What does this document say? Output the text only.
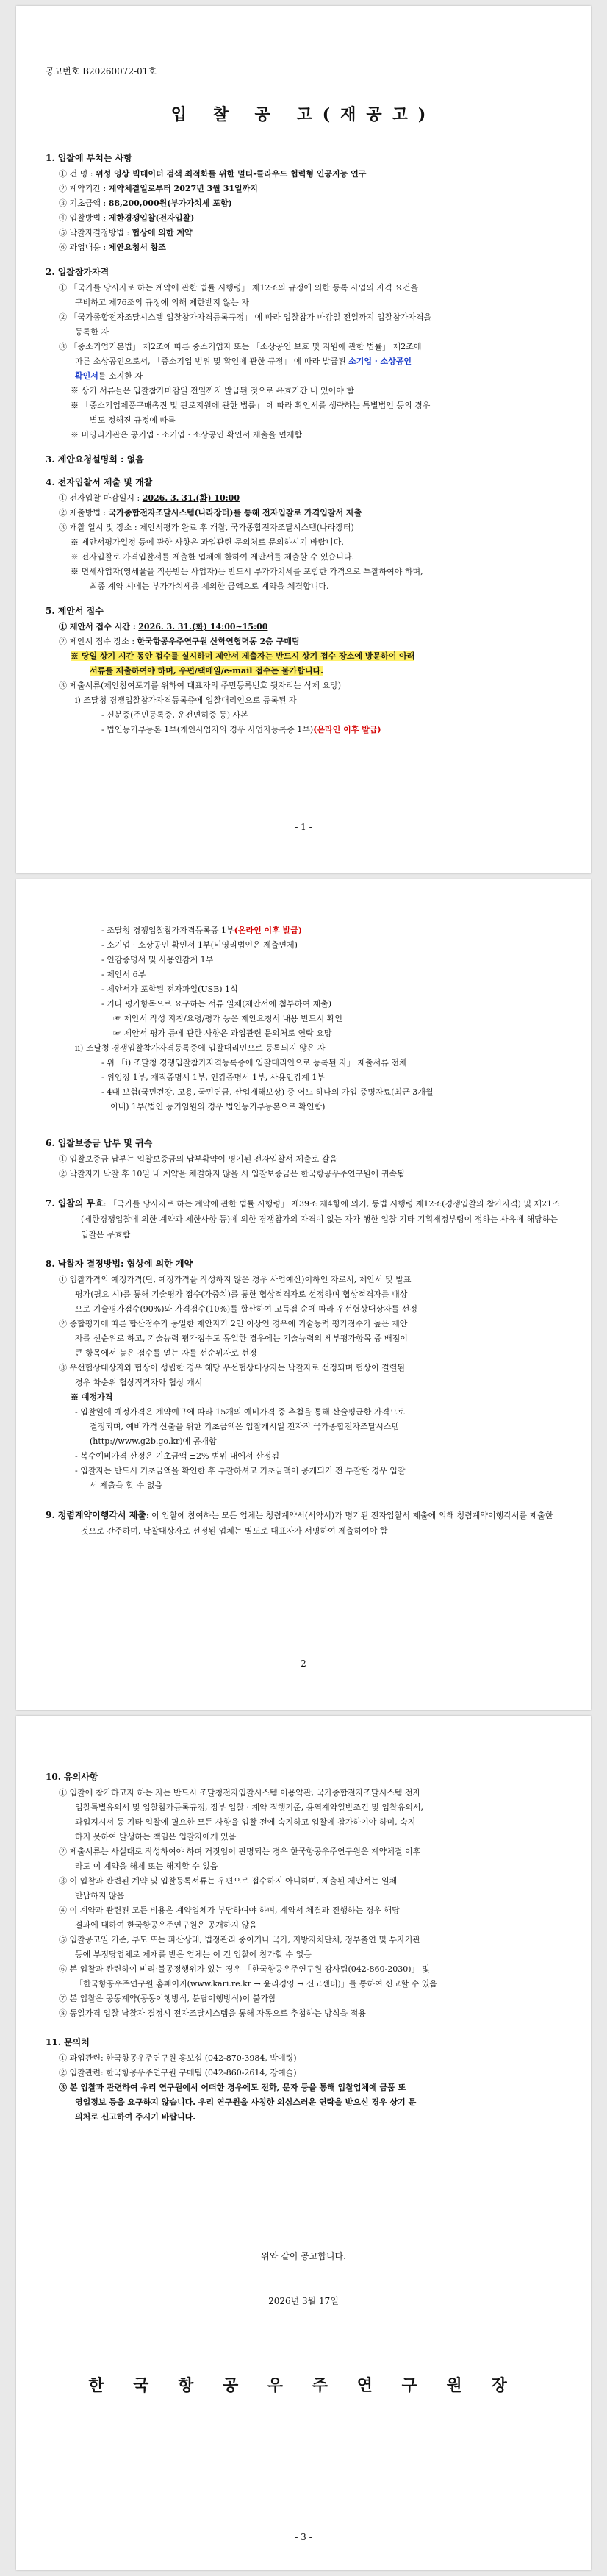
공고번호 B20260072-01호
입 찰 공 고(재공고)
1. 입찰에 부치는 사항
① 건 명 : 위성 영상 빅데이터 검색 최적화를 위한 멀티-클라우드 협력형 인공지능 연구
② 계약기간 : 계약체결일로부터 2027년 3월 31일까지
③ 기초금액 : 88,200,000원(부가가치세 포함)
④ 입찰방법 : 제한경쟁입찰(전자입찰)
⑤ 낙찰자결정방법 : 협상에 의한 계약
⑥ 과업내용 : 제안요청서 참조
2. 입찰참가자격
① 「국가를 당사자로 하는 계약에 관한 법률 시행령」 제12조의 규정에 의한 등록 사업의 자격 요건을
구비하고 제76조의 규정에 의해 제한받지 않는 자
② 「국가종합전자조달시스템 입찰참가자격등록규정」 에 따라 입찰참가 마감일 전일까지 입찰참가자격을
등록한 자
③ 「중소기업기본법」 제2조에 따른 중소기업자 또는 「소상공인 보호 및 지원에 관한 법률」 제2조에
따른 소상공인으로서, 「중소기업 범위 및 확인에 관한 규정」 에 따라 발급된 소기업 · 소상공인
확인서를 소지한 자
※ 상기 서류들은 입찰참가마감일 전일까지 발급된 것으로 유효기간 내 있어야 함
※ 「중소기업제품구매촉진 및 판로지원에 관한 법률」 에 따라 확인서를 생략하는 특별법인 등의 경우
별도 정해진 규정에 따름
※ 비영리기관은 공기업 · 소기업 · 소상공인 확인서 제출을 면제함
3. 제안요청설명회 : 없음
4. 전자입찰서 제출 및 개찰
① 전자입찰 마감일시 : 2026. 3. 31.(화) 10:00
② 제출방법 : 국가종합전자조달시스템(나라장터)를 통해 전자입찰로 가격입찰서 제출
③ 개찰 일시 및 장소 : 제안서평가 완료 후 개찰, 국가종합전자조달시스템(나라장터)
※ 제안서평가일정 등에 관한 사항은 과업관련 문의처로 문의하시기 바랍니다.
※ 전자입찰로 가격입찰서를 제출한 업체에 한하여 제안서를 제출할 수 있습니다.
※ 면세사업자(영세율을 적용받는 사업자)는 반드시 부가가치세를 포함한 가격으로 투찰하여야 하며,
최종 계약 시에는 부가가치세를 제외한 금액으로 계약을 체결합니다.
5. 제안서 접수
① 제안서 접수 시간 : 2026. 3. 31.(화) 14:00~15:00
② 제안서 접수 장소 : 한국항공우주연구원 산학연협력동 2층 구매팀
※ 당일 상기 시간 동안 접수를 실시하며 제안서 제출자는 반드시 상기 접수 장소에 방문하여 아래
서류를 제출하여야 하며, 우편/팩메일/e-mail 접수는 불가합니다.
③ 제출서류(제안참여포기를 위하여 대표자의 주민등록번호 뒷자리는 삭제 요망)
i) 조달청 경쟁입찰참가자격등록증에 입찰대리인으로 등록된 자
- 신분증(주민등록증, 운전면허증 등) 사본
- 법인등기부등본 1부(개인사업자의 경우 사업자등록증 1부)(온라인 이후 발급)
- 1 -
- 조달청 경쟁입찰참가자격등록증 1부(온라인 이후 발급)
- 소기업 · 소상공인 확인서 1부(비영리법인은 제출면제)
- 인감증명서 및 사용인감계 1부
- 제안서 6부
- 제안서가 포함된 전자파일(USB) 1식
- 기타 평가항목으로 요구하는 서류 일체(제안서에 첨부하여 제출)
☞ 제안서 작성 지침/요령/평가 등은 제안요청서 내용 반드시 확인
☞ 제안서 평가 등에 관한 사항은 과업관련 문의처로 연락 요망
ii) 조달청 경쟁입찰참가자격등록증에 입찰대리인으로 등록되지 않은 자
- 위 「i) 조달청 경쟁입찰참가자격등록증에 입찰대리인으로 등록된 자」 제출서류 전체
- 위임장 1부, 재직증명서 1부, 인감증명서 1부, 사용인감계 1부
- 4대 보험(국민건강, 고용, 국민연금, 산업재해보상) 중 어느 하나의 가입 증명자료(최근 3개월
이내) 1부(법인 등기임원의 경우 법인등기부등본으로 확인함)
6. 입찰보증금 납부 및 귀속
① 입찰보증금 납부는 입찰보증금의 납부확약이 명기된 전자입찰서 제출로 갈음
② 낙찰자가 낙찰 후 10일 내 계약을 체결하지 않을 시 입찰보증금은 한국항공우주연구원에 귀속됨
7. 입찰의 무효: 「국가를 당사자로 하는 계약에 관한 법률 시행령」 제39조 제4항에 의거, 동법 시행령 제12조(경쟁입찰의 참가자격) 및 제21조(제한경쟁입찰에 의한 계약과 제한사항 등)에 의한 경쟁참가의 자격이 없는 자가 행한 입찰 기타 기획재정부령이 정하는 사유에 해당하는 입찰은 무효함
8. 낙찰자 결정방법: 협상에 의한 계약
① 입찰가격의 예정가격(단, 예정가격을 작성하지 않은 경우 사업예산)이하인 자로서, 제안서 및 발표
평가(필요 시)를 통해 기술평가 점수(가중치)를 통한 협상적격자로 선정하며 협상적격자를 대상
으로 기술평가점수(90%)와 가격점수(10%)를 합산하여 고득점 순에 따라 우선협상대상자를 선정
② 종합평가에 따른 합산점수가 동일한 제안자가 2인 이상인 경우에 기술능력 평가점수가 높은 제안
자를 선순위로 하고, 기술능력 평가점수도 동일한 경우에는 기술능력의 세부평가항목 중 배점이
큰 항목에서 높은 점수를 얻는 자를 선순위자로 선정
③ 우선협상대상자와 협상이 성립한 경우 해당 우선협상대상자는 낙찰자로 선정되며 협상이 결렬된
경우 차순위 협상적격자와 협상 개시
※ 예정가격
- 입찰일에 예정가격은 계약예규에 따라 15개의 예비가격 중 추첨을 통해 산술평균한 가격으로
결정되며, 예비가격 산출을 위한 기초금액은 입찰개시일 전자적 국가종합전자조달시스템
(http://www.g2b.go.kr)에 공개함
- 복수예비가격 산정은 기초금액 ±2% 범위 내에서 산정됨
- 입찰자는 반드시 기초금액을 확인한 후 투찰하셔고 기초금액이 공개되기 전 투찰할 경우 입찰
서 제출을 할 수 없음
9. 청렴계약이행각서 제출: 이 입찰에 참여하는 모든 업체는 청렴계약서(서약서)가 명기된 전자입찰서 제출에 의해 청렴계약이행각서를 제출한 것으로 간주하며, 낙찰대상자로 선정된 업체는 별도로 대표자가 서명하여 제출하여야 함
- 2 -
10. 유의사항
① 입찰에 참가하고자 하는 자는 반드시 조달청전자입찰시스템 이용약관, 국가종합전자조달시스템 전자
입찰특별유의서 및 입찰참가등록규정, 정부 입찰 · 계약 집행기준, 용역계약일반조건 및 입찰유의서,
과업지시서 등 기타 입찰에 필요한 모든 사항을 입찰 전에 숙지하고 입찰에 참가하여야 하며, 숙지
하지 못하여 발생하는 책임은 입찰자에게 있음
② 제출서류는 사실대로 작성하여야 하며 거짓임이 판명되는 경우 한국항공우주연구원은 계약체결 이후
라도 이 계약을 해제 또는 해지할 수 있음
③ 이 입찰과 관련된 계약 및 입찰등록서류는 우편으로 접수하지 아니하며, 제출된 제안서는 일체
반납하지 않음
④ 이 계약과 관련된 모든 비용은 계약업체가 부담하여야 하며, 계약서 체결과 진행하는 경우 해당
결과에 대하여 한국항공우주연구원은 공개하지 않음
⑤ 입찰공고일 기준, 부도 또는 파산상태, 법정관리 중이거나 국가, 지방자치단체, 정부출연 및 투자기관
등에 부정당업체로 제재를 받은 업체는 이 건 입찰에 참가할 수 없음
⑥ 본 입찰과 관련하여 비리·불공정행위가 있는 경우 「한국항공우주연구원 감사팀(042-860-2030)」 및
「한국항공우주연구원 홈페이지(www.kari.re.kr → 윤리경영 → 신고센터)」를 통하여 신고할 수 있음
⑦ 본 입찰은 공동계약(공동이행방식, 분담이행방식)이 불가함
⑧ 동일가격 입찰 낙찰자 결정시 전자조달시스템을 통해 자동으로 추첨하는 방식을 적용
11. 문의처
① 과업관련: 한국항공우주연구원 홍보섭 (042-870-3984, 박예령)
② 입찰관련: 한국항공우주연구원 구매팀 (042-860-2614, 강예슬)
③ 본 입찰과 관련하여 우리 연구원에서 어떠한 경우에도 전화, 문자 등을 통해 입찰업체에 금품 또
영업정보 등을 요구하지 않습니다. 우리 연구원을 사칭한 의심스러운 연락을 받으신 경우 상기 문
의처로 신고하여 주시기 바랍니다.
위와 같이 공고합니다.
2026년 3월 17일
한 국 항 공 우 주 연 구 원 장
- 3 -
